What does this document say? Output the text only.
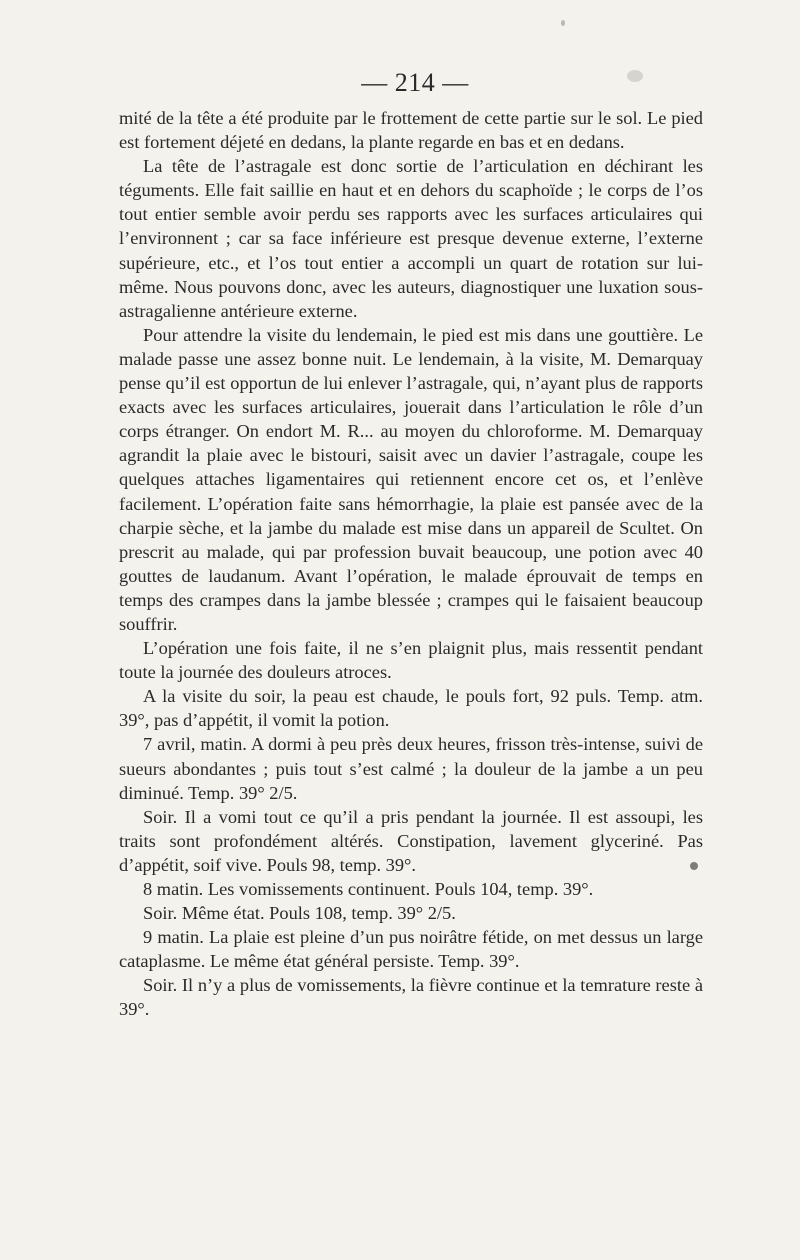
— 214 —

mité de la tête a été produite par le frottement de cette partie sur le sol. Le pied est fortement déjeté en dedans, la plante regarde en bas et en dedans.

La tête de l’astragale est donc sortie de l’articulation en déchirant les téguments. Elle fait saillie en haut et en dehors du scaphoïde ; le corps de l’os tout entier semble avoir perdu ses rapports avec les surfaces articulaires qui l’environnent ; car sa face inférieure est presque devenue externe, l’externe supérieure, etc., et l’os tout entier a accompli un quart de rotation sur lui-même. Nous pouvons donc, avec les auteurs, diagnostiquer une luxation sous-astragalienne antérieure externe.

Pour attendre la visite du lendemain, le pied est mis dans une gouttière. Le malade passe une assez bonne nuit. Le lendemain, à la visite, M. Demarquay pense qu’il est opportun de lui enlever l’astragale, qui, n’ayant plus de rapports exacts avec les surfaces articulaires, jouerait dans l’articulation le rôle d’un corps étranger. On endort M. R... au moyen du chloroforme. M. Demarquay agrandit la plaie avec le bistouri, saisit avec un davier l’astragale, coupe les quelques attaches ligamentaires qui retiennent encore cet os, et l’enlève facilement. L’opération faite sans hémorrhagie, la plaie est pansée avec de la charpie sèche, et la jambe du malade est mise dans un appareil de Scultet. On prescrit au malade, qui par profession buvait beaucoup, une potion avec 40 gouttes de laudanum. Avant l’opération, le malade éprouvait de temps en temps des crampes dans la jambe blessée ; crampes qui le faisaient beaucoup souffrir.

L’opération une fois faite, il ne s’en plaignit plus, mais ressentit pendant toute la journée des douleurs atroces.

A la visite du soir, la peau est chaude, le pouls fort, 92 puls. Temp. atm. 39°, pas d’appétit, il vomit la potion.

7 avril, matin. A dormi à peu près deux heures, frisson très-intense, suivi de sueurs abondantes ; puis tout s’est calmé ; la douleur de la jambe a un peu diminué. Temp. 39° 2/5.

Soir. Il a vomi tout ce qu’il a pris pendant la journée. Il est assoupi, les traits sont profondément altérés. Constipation, lavement glyceriné. Pas d’appétit, soif vive. Pouls 98, temp. 39°.

8 matin. Les vomissements continuent. Pouls 104, temp. 39°.

Soir. Même état. Pouls 108, temp. 39° 2/5.

9 matin. La plaie est pleine d’un pus noirâtre fétide, on met dessus un large cataplasme. Le même état général persiste. Temp. 39°.

Soir. Il n’y a plus de vomissements, la fièvre continue et la temrature reste à 39°.
